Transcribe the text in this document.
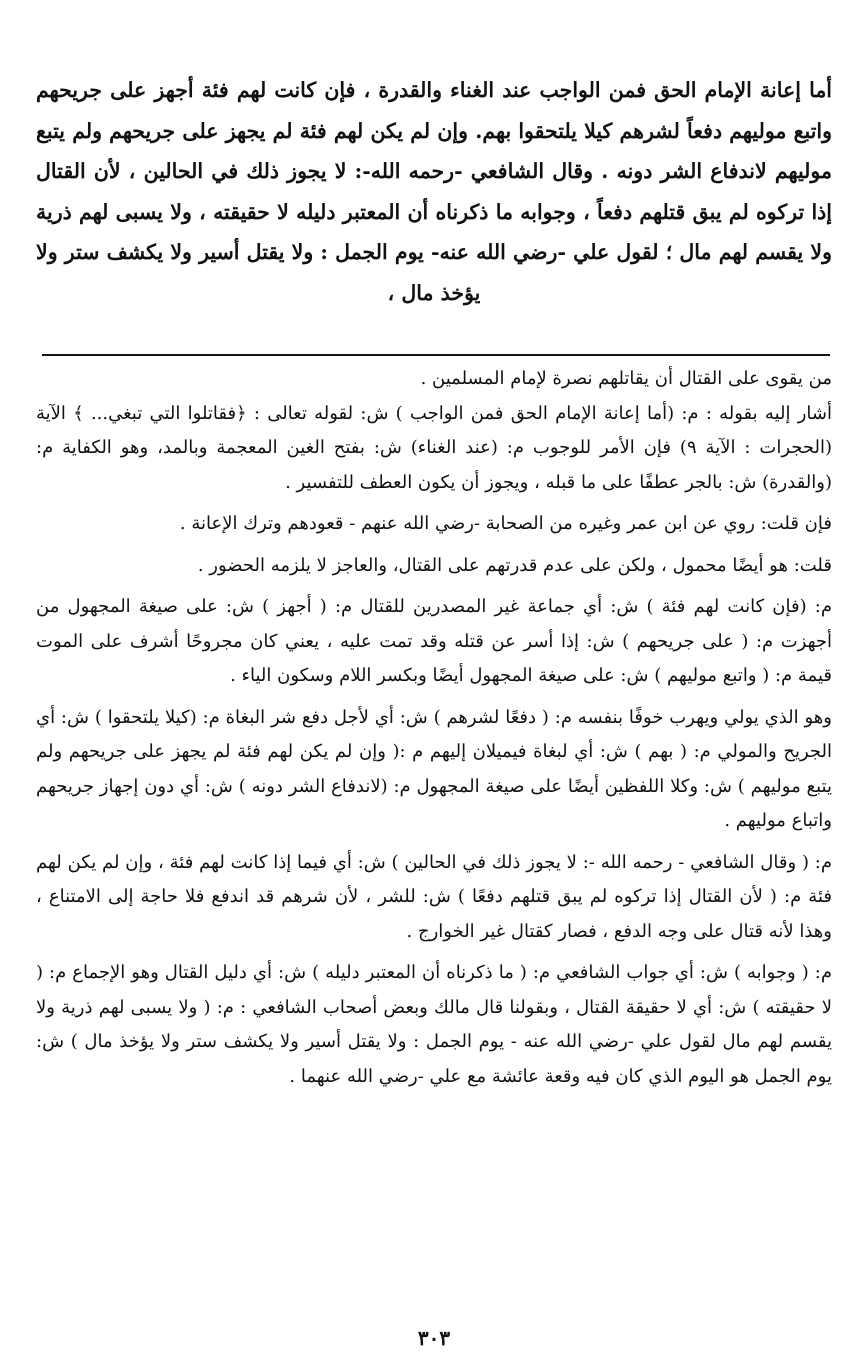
أما إعانة الإمام الحق فمن الواجب عند الغناء والقدرة ، فإن كانت لهم فئة أجهز على جريحهم واتبع موليهم دفعاً لشرهم كيلا يلتحقوا بهم. وإن لم يكن لهم فئة لم يجهز على جريحهم ولم يتبع موليهم لاندفاع الشر دونه . وقال الشافعي -رحمه الله-: لا يجوز ذلك في الحالين ، لأن القتال إذا تركوه لم يبق قتلهم دفعاً ، وجوابه ما ذكرناه أن المعتبر دليله لا حقيقته ، ولا يسبى لهم ذرية ولا يقسم لهم مال ؛ لقول علي -رضي الله عنه- يوم الجمل : ولا يقتل أسير ولا يكشف ستر ولا يؤخذ مال ،

من يقوى على القتال أن يقاتلهم نصرة لإمام المسلمين .

أشار إليه بقوله : م: (أما إعانة الإمام الحق فمن الواجب ) ش: لقوله تعالى : ﴿فقاتلوا التي تبغي... ﴾ الآية (الحجرات : الآية ٩) فإن الأمر للوجوب م: (عند الغناء) ش: بفتح الغين المعجمة وبالمد، وهو الكفاية م: (والقدرة) ش: بالجر عطفًا على ما قبله ، ويجوز أن يكون العطف للتفسير .

فإن قلت: روي عن ابن عمر وغيره من الصحابة -رضي الله عنهم - قعودهم وترك الإعانة .

قلت: هو أيضًا محمول ، ولكن على عدم قدرتهم على القتال، والعاجز لا يلزمه الحضور .

م: (فإن كانت لهم فئة ) ش: أي جماعة غير المصدرين للقتال م: ( أجهز ) ش: على صيغة المجهول من أجهزت م: ( على جريحهم ) ش: إذا أسر عن قتله وقد تمت عليه ، يعني كان مجروحًا أشرف على الموت قيمة م: ( واتبع موليهم ) ش: على صيغة المجهول أيضًا وبكسر اللام وسكون الياء .

وهو الذي يولي ويهرب خوفًا بنفسه م: ( دفعًا لشرهم ) ش: أي لأجل دفع شر البغاة م: (كيلا يلتحقوا ) ش: أي الجريح والمولي م: ( بهم ) ش: أي لبغاة فيميلان إليهم م :( وإن لم يكن لهم فئة لم يجهز على جريحهم ولم يتبع موليهم ) ش: وكلا اللفظين أيضًا على صيغة المجهول م: (لاندفاع الشر دونه ) ش: أي دون إجهاز جريحهم واتباع موليهم .

م: ( وقال الشافعي - رحمه الله -: لا يجوز ذلك في الحالين ) ش: أي فيما إذا كانت لهم فئة ، وإن لم يكن لهم فئة م: ( لأن القتال إذا تركوه لم يبق قتلهم دفعًا ) ش: للشر ، لأن شرهم قد اندفع فلا حاجة إلى الامتناع ، وهذا لأنه قتال على وجه الدفع ، فصار كقتال غير الخوارج .

م: ( وجوابه ) ش: أي جواب الشافعي م: ( ما ذكرناه أن المعتبر دليله ) ش: أي دليل القتال وهو الإجماع م: ( لا حقيقته ) ش: أي لا حقيقة القتال ، وبقولنا قال مالك وبعض أصحاب الشافعي : م: ( ولا يسبى لهم ذرية ولا يقسم لهم مال لقول علي -رضي الله عنه - يوم الجمل : ولا يقتل أسير ولا يكشف ستر ولا يؤخذ مال ) ش: يوم الجمل هو اليوم الذي كان فيه وقعة عائشة مع علي -رضي الله عنهما .

٣٠٣
